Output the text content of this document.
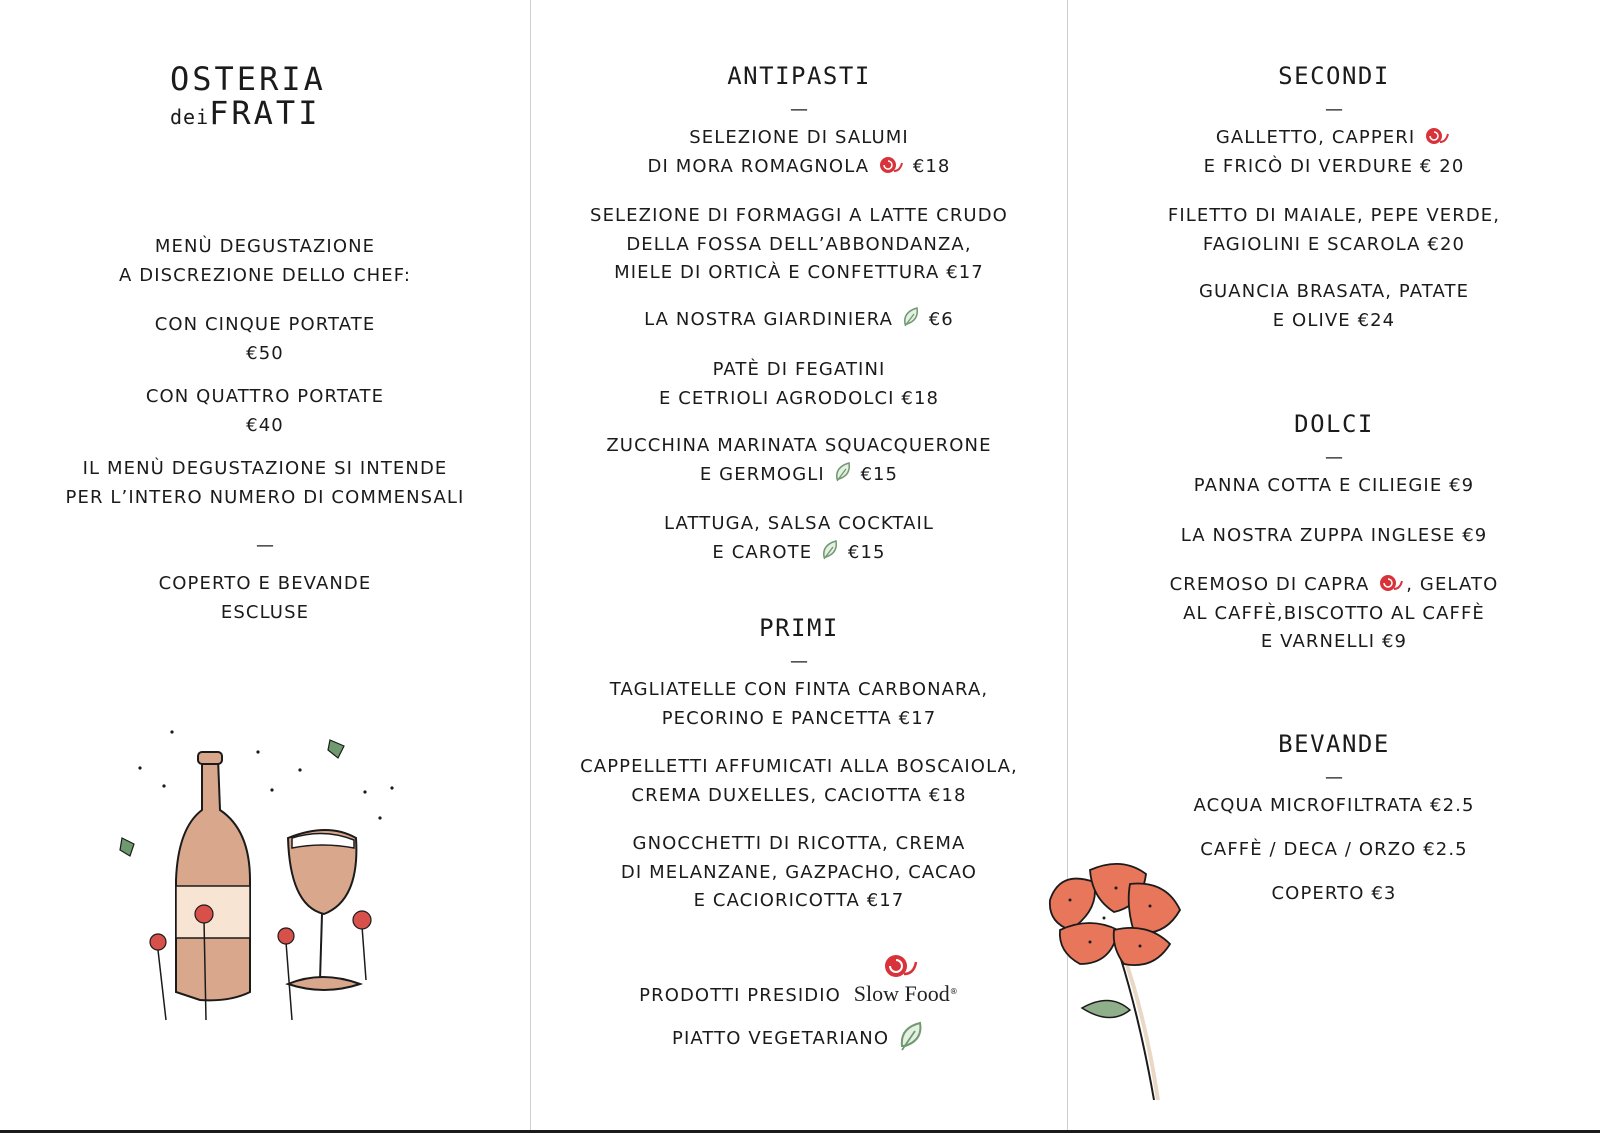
OSTERIA
deiFRATI
MENÙ DEGUSTAZIONE
A DISCREZIONE DELLO CHEF:
CON CINQUE PORTATE
€50
CON QUATTRO PORTATE
€40
IL MENÙ DEGUSTAZIONE SI INTENDE
PER L’INTERO NUMERO DI COMMENSALI
—
COPERTO E BEVANDE
ESCLUSE
ANTIPASTI
—
SELEZIONE DI SALUMI
DI MORA ROMAGNOLA €18
SELEZIONE DI FORMAGGI A LATTE CRUDO
DELLA FOSSA DELL’ABBONDANZA,
MIELE DI ORTICÀ E CONFETTURA €17
LA NOSTRA GIARDINIERA €6
PATÈ DI FEGATINI
E CETRIOLI AGRODOLCI €18
ZUCCHINA MARINATA SQUACQUERONE
E GERMOGLI €15
LATTUGA, SALSA COCKTAIL
E CAROTE €15
PRIMI
—
TAGLIATELLE CON FINTA CARBONARA,
PECORINO E PANCETTA €17
CAPPELLETTI AFFUMICATI ALLA BOSCAIOLA,
CREMA DUXELLES, CACIOTTA €18
GNOCCHETTI DI RICOTTA, CREMA
DI MELANZANE, GAZPACHO, CACAO
E CACIORICOTTA €17
PRODOTTI PRESIDIO Slow Food®
PIATTO VEGETARIANO
SECONDI
—
GALLETTO, CAPPERI
E FRICÒ DI VERDURE € 20
FILETTO DI MAIALE, PEPE VERDE,
FAGIOLINI E SCAROLA €20
GUANCIA BRASATA, PATATE
E OLIVE €24
DOLCI
—
PANNA COTTA E CILIEGIE €9
LA NOSTRA ZUPPA INGLESE €9
CREMOSO DI CAPRA , GELATO
AL CAFFÈ,BISCOTTO AL CAFFÈ
E VARNELLI €9
BEVANDE
—
ACQUA MICROFILTRATA €2.5
CAFFÈ / DECA / ORZO €2.5
COPERTO €3
